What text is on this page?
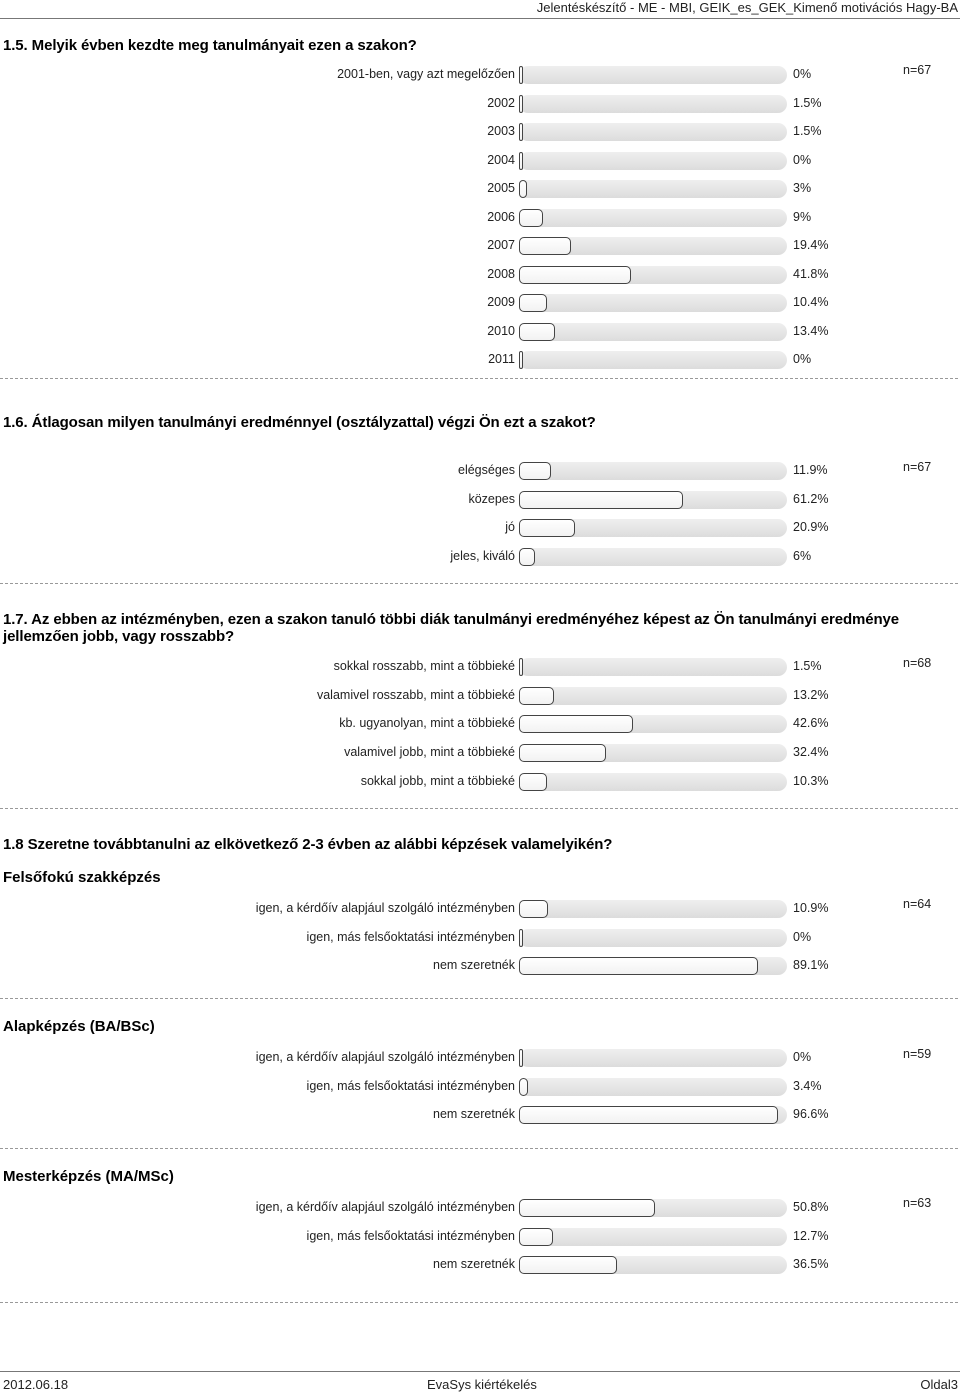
Jelentéskészítő - ME - MBI, GEIK_es_GEK_Kimenő motivációs Hagy-BA
1.5. Melyik évben kezdte meg tanulmányait ezen a szakon?
n=67
2001-ben, vagy azt megelőzően	0%
2002	1.5%
2003	1.5%
2004	0%
2005	3%
2006	9%
2007	19.4%
2008	41.8%
2009	10.4%
2010	13.4%
2011	0%
1.6. Átlagosan milyen tanulmányi eredménnyel (osztályzattal) végzi Ön ezt a szakot?
n=67
elégséges	11.9%
közepes	61.2%
jó	20.9%
jeles, kiváló	6%
1.7. Az ebben az intézményben, ezen a szakon tanuló többi diák tanulmányi eredményéhez képest az Ön tanulmányi eredménye jellemzően jobb, vagy rosszabb?
n=68
sokkal rosszabb, mint a többieké	1.5%
valamivel rosszabb, mint a többieké	13.2%
kb. ugyanolyan, mint a többieké	42.6%
valamivel jobb, mint a többieké	32.4%
sokkal jobb, mint a többieké	10.3%
1.8 Szeretne továbbtanulni az elkövetkező 2-3 évben az alábbi képzések valamelyikén?
Felsőfokú szakképzés
n=64
igen, a kérdőív alapjául szolgáló intézményben	10.9%
igen, más felsőoktatási intézményben	0%
nem szeretnék	89.1%
Alapképzés (BA/BSc)
n=59
igen, a kérdőív alapjául szolgáló intézményben	0%
igen, más felsőoktatási intézményben	3.4%
nem szeretnék	96.6%
Mesterképzés (MA/MSc)
n=63
igen, a kérdőív alapjául szolgáló intézményben	50.8%
igen, más felsőoktatási intézményben	12.7%
nem szeretnék	36.5%
2012.06.18	EvaSys kiértékelés	Oldal3
